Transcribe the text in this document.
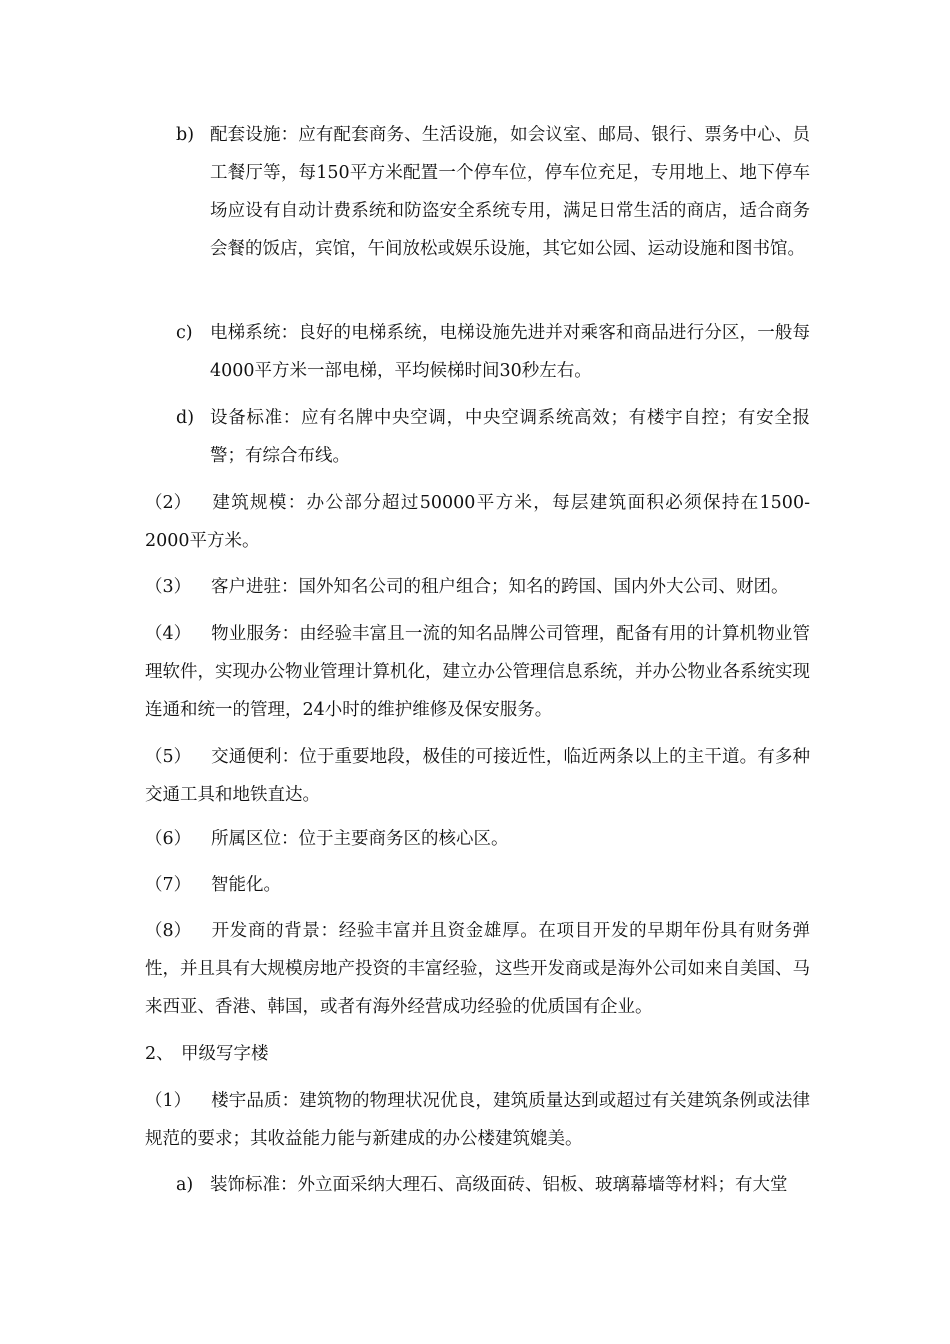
b) 配套设施：应有配套商务、生活设施，如会议室、邮局、银行、票务中心、员工餐厅等，每150平方米配置一个停车位，停车位充足，专用地上、地下停车场应设有自动计费系统和防盗安全系统专用，满足日常生活的商店，适合商务会餐的饭店，宾馆，午间放松或娱乐设施，其它如公园、运动设施和图书馆。

c) 电梯系统：良好的电梯系统，电梯设施先进并对乘客和商品进行分区，一般每4000平方米一部电梯，平均候梯时间30秒左右。

d) 设备标准：应有名牌中央空调，中央空调系统高效；有楼宇自控；有安全报警；有综合布线。

（2） 建筑规模：办公部分超过50000平方米，每层建筑面积必须保持在1500-2000平方米。

（3） 客户进驻：国外知名公司的租户组合；知名的跨国、国内外大公司、财团。

（4） 物业服务：由经验丰富且一流的知名品牌公司管理，配备有用的计算机物业管理软件，实现办公物业管理计算机化，建立办公管理信息系统，并办公物业各系统实现连通和统一的管理，24小时的维护维修及保安服务。

（5） 交通便利：位于重要地段，极佳的可接近性，临近两条以上的主干道。有多种交通工具和地铁直达。

（6） 所属区位：位于主要商务区的核心区。

（7） 智能化。

（8） 开发商的背景：经验丰富并且资金雄厚。在项目开发的早期年份具有财务弹性，并且具有大规模房地产投资的丰富经验，这些开发商或是海外公司如来自美国、马来西亚、香港、韩国，或者有海外经营成功经验的优质国有企业。

2、 甲级写字楼

（1） 楼宇品质：建筑物的物理状况优良，建筑质量达到或超过有关建筑条例或法律规范的要求；其收益能力能与新建成的办公楼建筑媲美。

a) 装饰标准：外立面采纳大理石、高级面砖、铝板、玻璃幕墙等材料；有大堂
